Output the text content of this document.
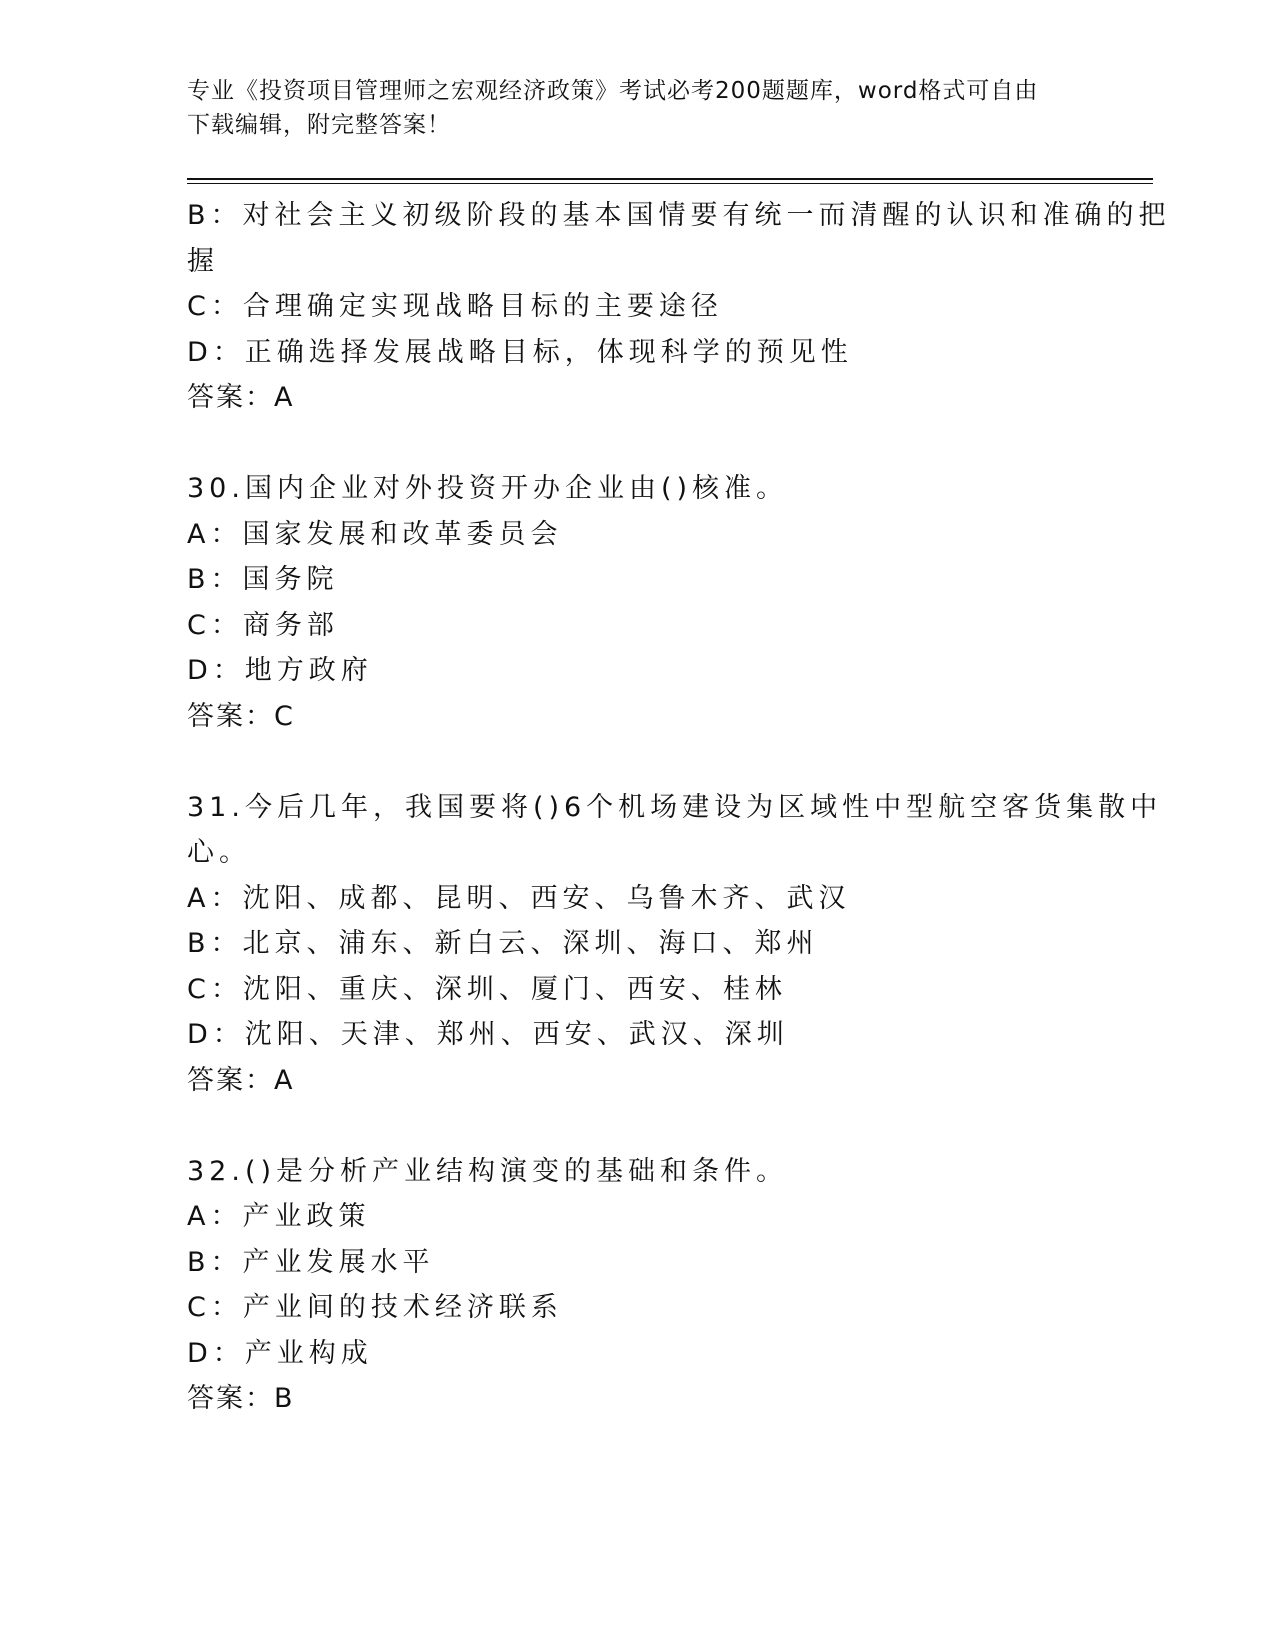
专业《投资项目管理师之宏观经济政策》考试必考200题题库，word格式可自由
下载编辑，附完整答案！
B：对社会主义初级阶段的基本国情要有统一而清醒的认识和准确的把
握
C：合理确定实现战略目标的主要途径
D：正确选择发展战略目标，体现科学的预见性
答案：A
30.国内企业对外投资开办企业由()核准。
A：国家发展和改革委员会
B：国务院
C：商务部
D：地方政府
答案：C
31.今后几年，我国要将()6个机场建设为区域性中型航空客货集散中
心。
A：沈阳、成都、昆明、西安、乌鲁木齐、武汉
B：北京、浦东、新白云、深圳、海口、郑州
C：沈阳、重庆、深圳、厦门、西安、桂林
D：沈阳、天津、郑州、西安、武汉、深圳
答案：A
32.()是分析产业结构演变的基础和条件。
A：产业政策
B：产业发展水平
C：产业间的技术经济联系
D：产业构成
答案：B
